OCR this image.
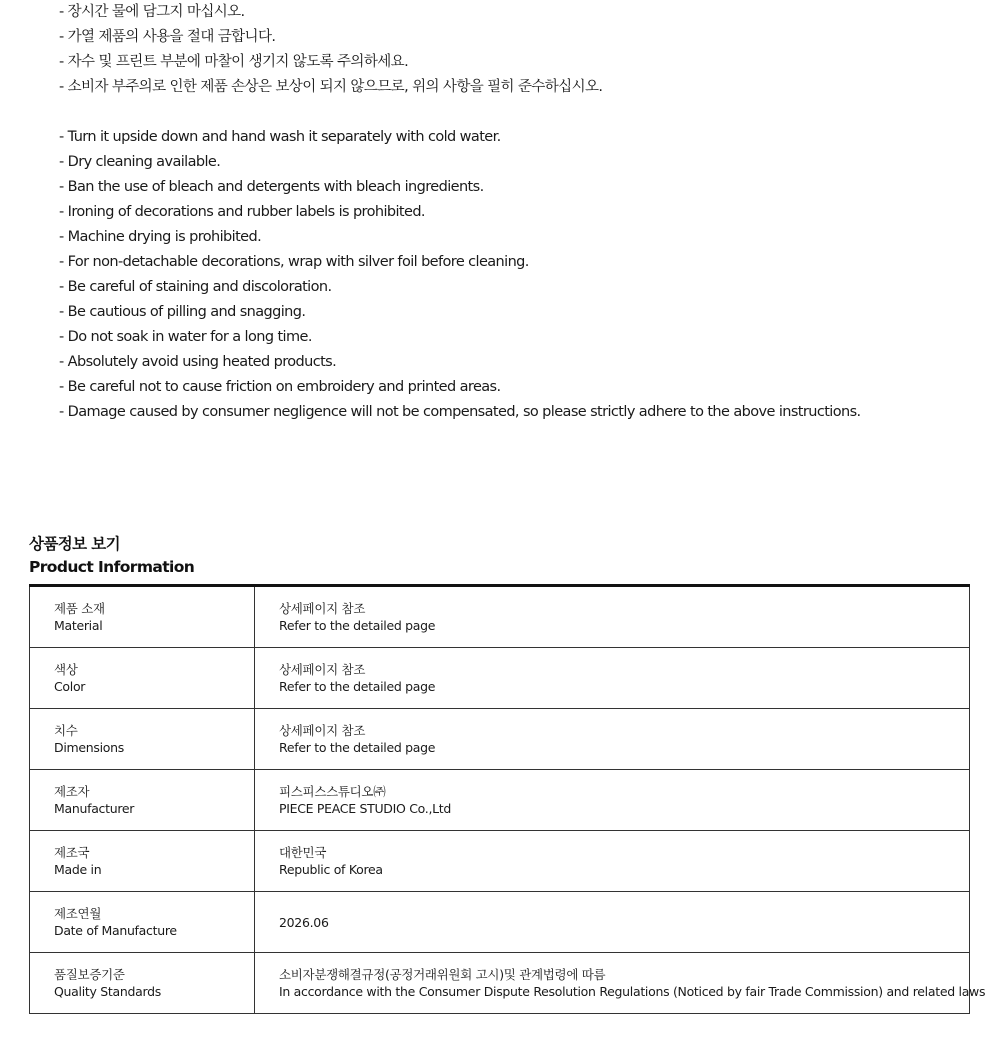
- 장시간 물에 담그지 마십시오.
- 가열 제품의 사용을 절대 금합니다.
- 자수 및 프린트 부분에 마찰이 생기지 않도록 주의하세요.
- 소비자 부주의로 인한 제품 손상은 보상이 되지 않으므로, 위의 사항을 필히 준수하십시오.
- Turn it upside down and hand wash it separately with cold water.
- Dry cleaning available.
- Ban the use of bleach and detergents with bleach ingredients.
- Ironing of decorations and rubber labels is prohibited.
- Machine drying is prohibited.
- For non-detachable decorations, wrap with silver foil before cleaning.
- Be careful of staining and discoloration.
- Be cautious of pilling and snagging.
- Do not soak in water for a long time.
- Absolutely avoid using heated products.
- Be careful not to cause friction on embroidery and printed areas.
- Damage caused by consumer negligence will not be compensated, so please strictly adhere to the above instructions.
상품정보 보기
Product Information
제품 소재
Material	상세페이지 참조
Refer to the detailed page

색상
Color	상세페이지 참조
Refer to the detailed page

치수
Dimensions	상세페이지 참조
Refer to the detailed page

제조자
Manufacturer	피스피스스튜디오㈜
PIECE PEACE STUDIO Co.,Ltd

제조국
Made in	대한민국
Republic of Korea

제조연월
Date of Manufacture	2026.06

품질보증기준
Quality Standards	소비자분쟁해결규정(공정거래위원회 고시)및 관계법령에 따름
In accordance with the Consumer Dispute Resolution Regulations (Noticed by fair Trade Commission) and related laws
